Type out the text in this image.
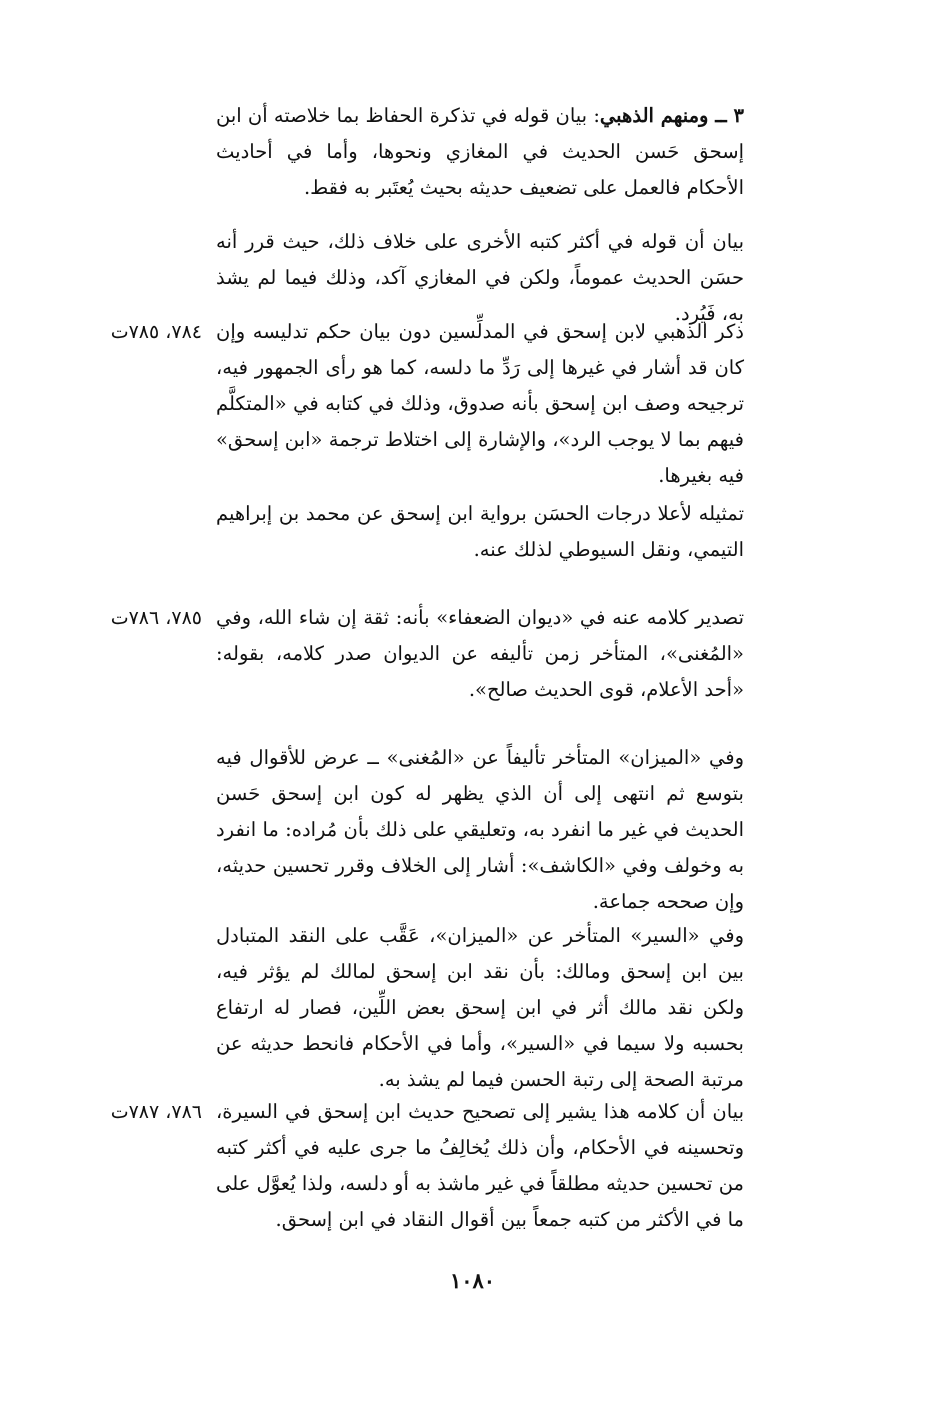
٣ ــ ومنهم الذهبي: بيان قوله في تذكرة الحفاظ بما خلاصته أن ابن إسحق حَسن الحديث في المغازي ونحوها، وأما في أحاديث الأحكام فالعمل على تضعيف حديثه بحيث يُعتَبر به فقط.

بيان أن قوله في أكثر كتبه الأخرى على خلاف ذلك، حيث قرر أنه حسَن الحديث عموماً، ولكن في المغازي آكد، وذلك فيما لم يشذ به، فَيُرد.

ذكر الذهبي لابن إسحق في المدلِّسين دون بيان حكم تدليسه وإن كان قد أشار في غيرها إلى رَدِّ ما دلسه، كما هو رأى الجمهور فيه، ترجيحه وصف ابن إسحق بأنه صدوق، وذلك في كتابه في «المتكلَّم فيهم بما لا يوجب الرد»، والإشارة إلى اختلاط ترجمة «ابن إسحق» فيه بغيرها.

٧٨٤، ٧٨٥ت

تمثيله لأعلا درجات الحسَن برواية ابن إسحق عن محمد بن إبراهيم التيمي، ونقل السيوطي لذلك عنه.

تصدير كلامه عنه في «ديوان الضعفاء» بأنه: ثقة إن شاء الله، وفي «المُغنى»، المتأخر زمن تأليفه عن الديوان صدر كلامه، بقوله: «أحد الأعلام، قوى الحديث صالح».

٧٨٥، ٧٨٦ت

وفي «الميزان» المتأخر تأليفاً عن «المُغنى» ــ عرض للأقوال فيه بتوسع ثم انتهى إلى أن الذي يظهر له كون ابن إسحق حَسن الحديث في غير ما انفرد به، وتعليقي على ذلك بأن مُراده: ما انفرد به وخولف وفي «الكاشف»: أشار إلى الخلاف وقرر تحسين حديثه، وإن صححه جماعة.

وفي «السير» المتأخر عن «الميزان»، عَقَّب على النقد المتبادل بين ابن إسحق ومالك: بأن نقد ابن إسحق لمالك لم يؤثر فيه، ولكن نقد مالك أثر في ابن إسحق بعض اللِّين، فصار له ارتفاع بحسبه ولا سيما في «السير»، وأما في الأحكام فانحط حديثه عن مرتبة الصحة إلى رتبة الحسن فيما لم يشذ به.

بيان أن كلامه هذا يشير إلى تصحيح حديث ابن إسحق في السيرة، وتحسينه في الأحكام، وأن ذلك يُخالِفُ ما جرى عليه في أكثر كتبه من تحسين حديثه مطلقاً في غير ماشذ به أو دلسه، ولذا يُعوَّل على ما في الأكثر من كتبه جمعاً بين أقوال النقاد في ابن إسحق.

٧٨٦، ٧٨٧ت
١٠٨٠
